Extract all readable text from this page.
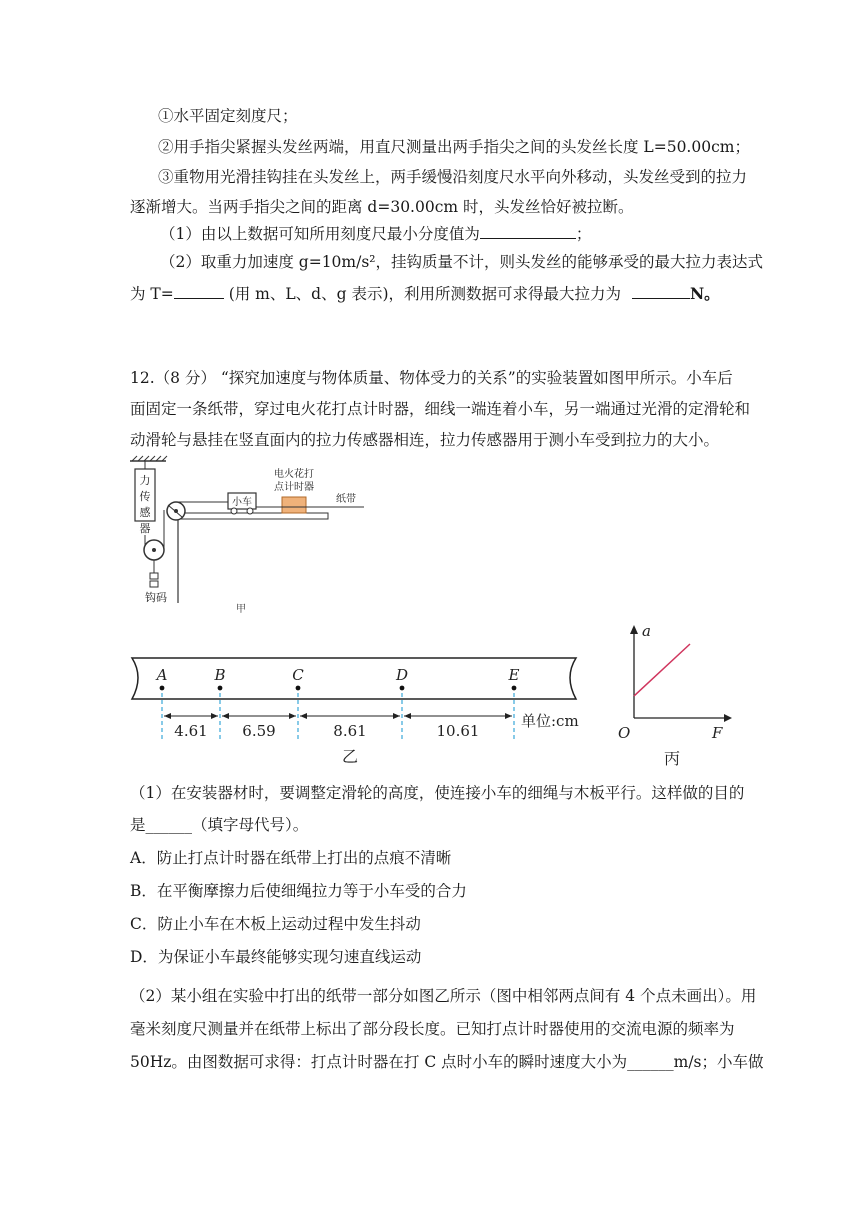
①水平固定刻度尺；
②用手指尖紧握头发丝两端，用直尺测量出两手指尖之间的头发丝长度 L=50.00cm；
③重物用光滑挂钩挂在头发丝上，两手缓慢沿刻度尺水平向外移动，头发丝受到的拉力
逐渐增大。当两手指尖之间的距离 d=30.00cm 时，头发丝恰好被拉断。
（1）由以上数据可知所用刻度尺最小分度值为	；
（2）取重力加速度 g=10m/s²，挂钩质量不计，则头发丝的能够承受的最大拉力表达式
为 T=	(用 m、L、d、g 表示)，利用所测数据可求得最大拉力为	N。
12.（8 分） “探究加速度与物体质量、物体受力的关系”的实验装置如图甲所示。小车后
面固定一条纸带，穿过电火花打点计时器，细线一端连着小车，另一端通过光滑的定滑轮和
动滑轮与悬挂在竖直面内的拉力传感器相连，拉力传感器用于测小车受到拉力的大小。
力
传
感
器
钩码
小车
电火花打
点计时器
纸带
甲
A	B	C	D	E
4.61 6.59	8.61	10.61
单位:cm
乙
a
F
O
丙
（1）在安装器材时，要调整定滑轮的高度，使连接小车的细绳与木板平行。这样做的目的
是______（填字母代号）。
A．防止打点计时器在纸带上打出的点痕不清晰
B．在平衡摩擦力后使细绳拉力等于小车受的合力
C．防止小车在木板上运动过程中发生抖动
D．为保证小车最终能够实现匀速直线运动
（2）某小组在实验中打出的纸带一部分如图乙所示（图中相邻两点间有 4 个点未画出）。用
毫米刻度尺测量并在纸带上标出了部分段长度。已知打点计时器使用的交流电源的频率为
50Hz。由图数据可求得：打点计时器在打 C 点时小车的瞬时速度大小为______m/s；小车做
